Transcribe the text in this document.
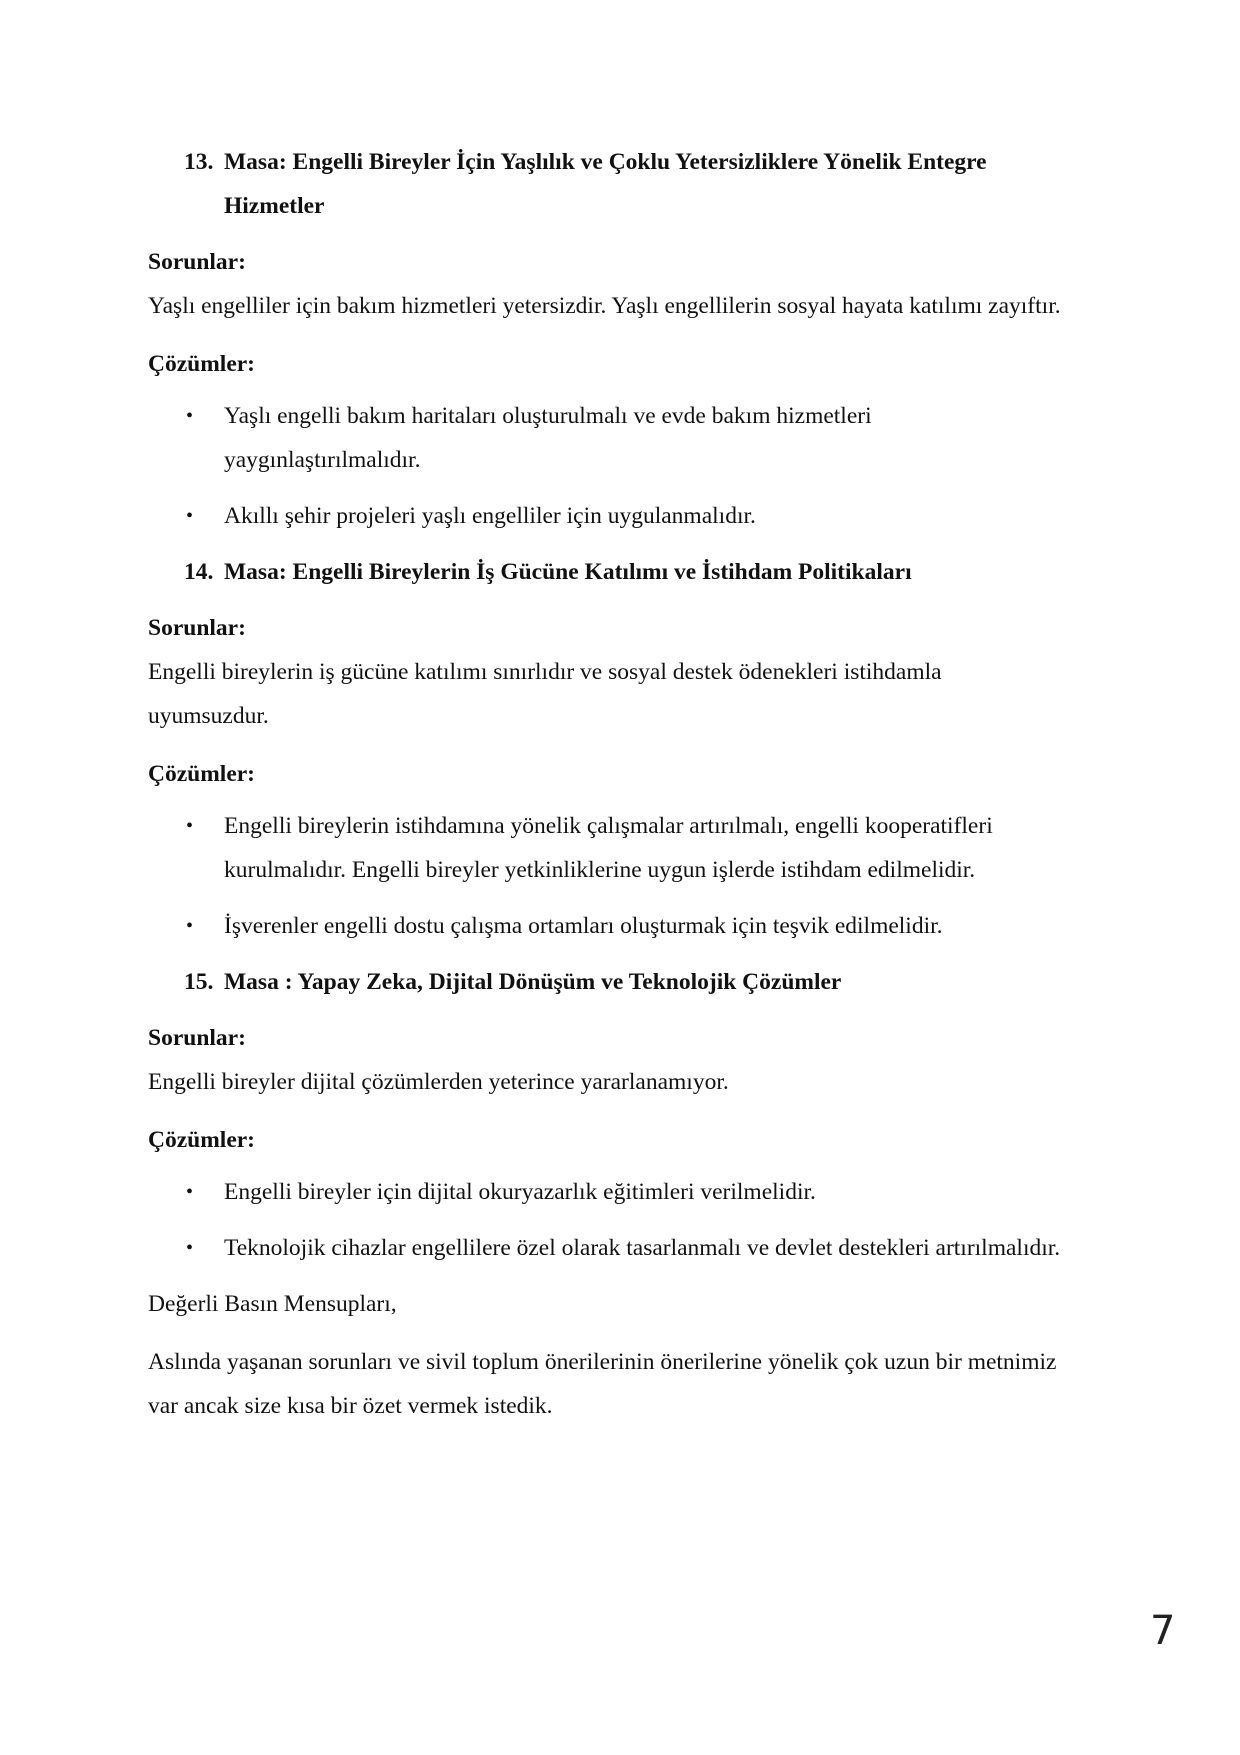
13. Masa: Engelli Bireyler İçin Yaşlılık ve Çoklu Yetersizliklere Yönelik Entegre Hizmetler
Sorunlar:
Yaşlı engelliler için bakım hizmetleri yetersizdir. Yaşlı engellilerin sosyal hayata katılımı zayıftır.
Çözümler:
•	Yaşlı engelli bakım haritaları oluşturulmalı ve evde bakım hizmetleri yaygınlaştırılmalıdır.
•	Akıllı şehir projeleri yaşlı engelliler için uygulanmalıdır.
14. Masa: Engelli Bireylerin İş Gücüne Katılımı ve İstihdam Politikaları
Sorunlar:
Engelli bireylerin iş gücüne katılımı sınırlıdır ve sosyal destek ödenekleri istihdamla uyumsuzdur.
Çözümler:
•	Engelli bireylerin istihdamına yönelik çalışmalar artırılmalı, engelli kooperatifleri kurulmalıdır. Engelli bireyler yetkinliklerine uygun işlerde istihdam edilmelidir.
•	İşverenler engelli dostu çalışma ortamları oluşturmak için teşvik edilmelidir.
15. Masa : Yapay Zeka, Dijital Dönüşüm ve Teknolojik Çözümler
Sorunlar:
Engelli bireyler dijital çözümlerden yeterince yararlanamıyor.
Çözümler:
•	Engelli bireyler için dijital okuryazarlık eğitimleri verilmelidir.
•	Teknolojik cihazlar engellilere özel olarak tasarlanmalı ve devlet destekleri artırılmalıdır.
Değerli Basın Mensupları,
Aslında yaşanan sorunları ve sivil toplum önerilerinin önerilerine yönelik çok uzun bir metnimiz var ancak size kısa bir özet vermek istedik.
7
